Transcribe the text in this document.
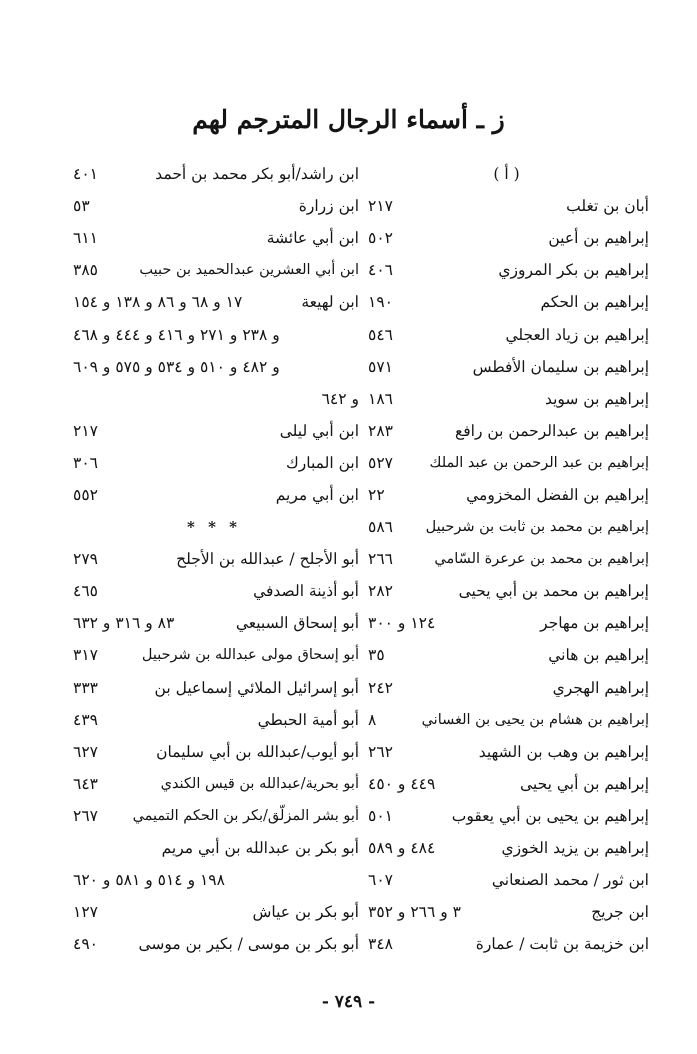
ز ـ أسماء الرجال المترجم لهم
( أ )
أبان بن تغلب
٢١٧
إبراهيم بن أعين
٥٠٢
إبراهيم بن بكر المروزي
٤٠٦
إبراهيم بن الحكم
١٩٠
إبراهيم بن زياد العجلي
٥٤٦
إبراهيم بن سليمان الأفطس
٥٧١
إبراهيم بن سويد
١٨٦
إبراهيم بن عبدالرحمن بن رافع
٢٨٣
إبراهيم بن عبد الرحمن بن عبد الملك
٥٢٧
إبراهيم بن الفضل المخزومي
٢٢
إبراهيم بن محمد بن ثابت بن شرحبيل
٥٨٦
إبراهيم بن محمد بن عرعرة السّامي
٢٦٦
إبراهيم بن محمد بن أبي يحيى
٢٨٢
إبراهيم بن مهاجر
١٢٤ و ٣٠٠
إبراهيم بن هاني
٣٥
إبراهيم الهجري
٢٤٢
إبراهيم بن هشام بن يحيى بن الغساني
٨
إبراهيم بن وهب بن الشهيد
٢٦٢
إبراهيم بن أبي يحيى
٤٤٩ و ٤٥٠
إبراهيم بن يحيى بن أبي يعقوب
٥٠١
إبراهيم بن يزيد الخوزي
٤٨٤ و ٥٨٩
ابن ثور / محمد الصنعاني
٦٠٧
ابن جريج
٣ و ٢٦٦ و ٣٥٢
ابن خزيمة بن ثابت / عمارة
٣٤٨
ابن راشد/أبو بكر محمد بن أحمد
٤٠١
ابن زرارة
٥٣
ابن أبي عائشة
٦١١
ابن أبي العشرين عبدالحميد بن حبيب
٣٨٥
ابن لهيعة
١٧ و ٦٨ و ٨٦ و ١٣٨ و ١٥٤
و ٢٣٨ و ٢٧١ و ٤١٦ و ٤٤٤ و ٤٦٨
و ٤٨٢ و ٥١٠ و ٥٣٤ و ٥٧٥ و ٦٠٩
و ٦٤٢
ابن أبي ليلى
٢١٧
ابن المبارك
٣٠٦
ابن أبي مريم
٥٥٢
* * *
أبو الأجلح / عبدالله بن الأجلح
٢٧٩
أبو أذينة الصدفي
٤٦٥
أبو إسحاق السبيعي
٨٣ و ٣١٦ و ٦٣٢
أبو إسحاق مولى عبدالله بن شرحبيل
٣١٧
أبو إسرائيل الملائي إسماعيل بن
٣٣٣
أبو أمية الحبطي
٤٣٩
أبو أيوب/عبدالله بن أبي سليمان
٦٢٧
أبو بحرية/عبدالله بن قيس الكندي
٦٤٣
أبو بشر المزلّق/بكر بن الحكم التميمي
٢٦٧
أبو بكر بن عبدالله بن أبي مريم
١٩٨ و ٥١٤ و ٥٨١ و ٦٢٠
أبو بكر بن عياش
١٢٧
أبو بكر بن موسى / بكير بن موسى
٤٩٠
- ٧٤٩ -
